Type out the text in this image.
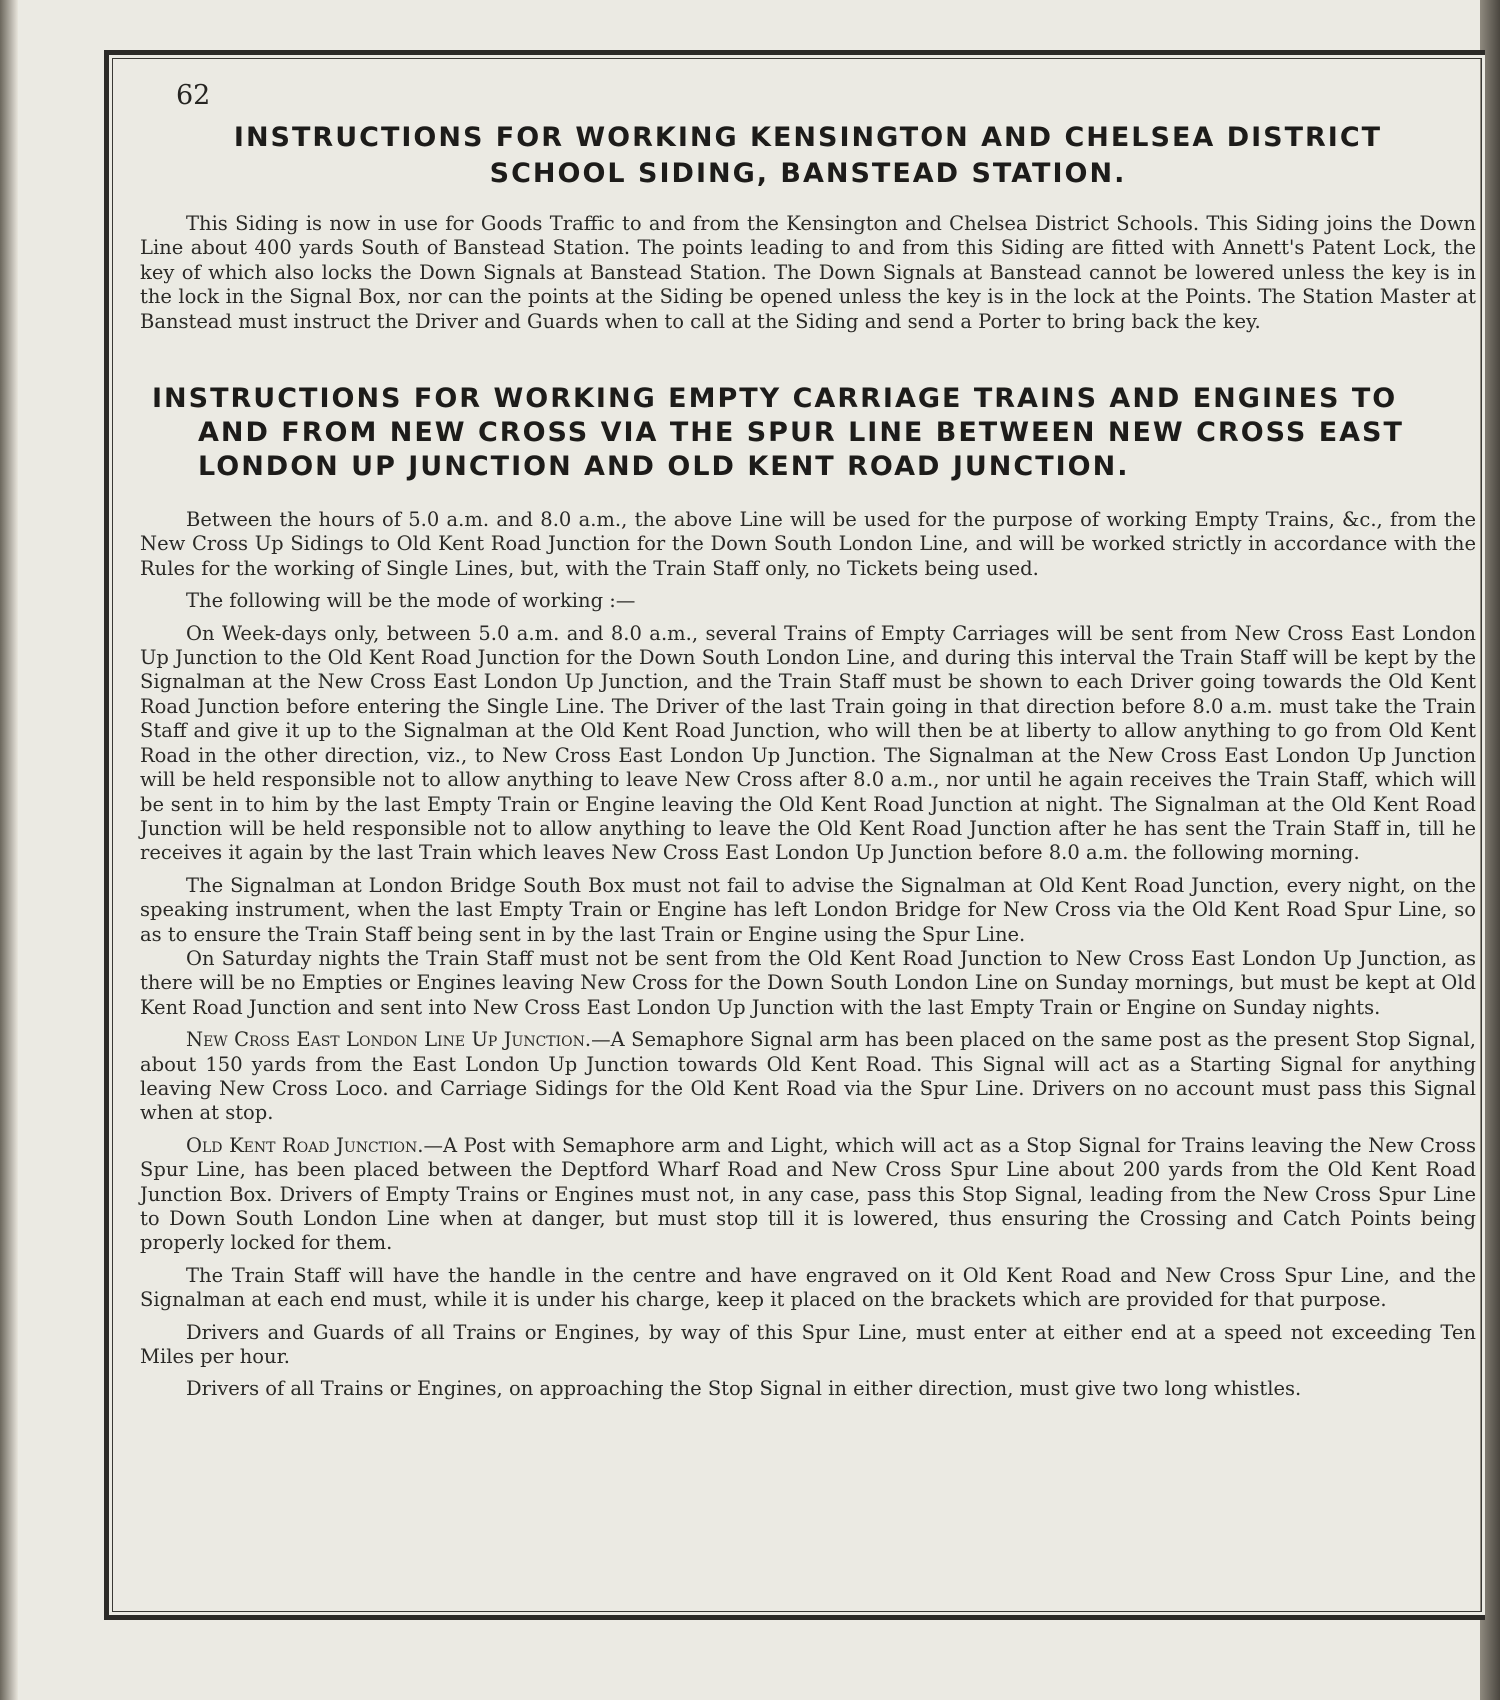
62
INSTRUCTIONS FOR WORKING KENSINGTON AND CHELSEA DISTRICT
SCHOOL SIDING, BANSTEAD STATION.

This Siding is now in use for Goods Traffic to and from the Kensington and Chelsea District Schools. This Siding joins the Down Line about 400 yards South of Banstead Station. The points leading to and from this Siding are fitted with Annett's Patent Lock, the key of which also locks the Down Signals at Banstead Station. The Down Signals at Banstead cannot be lowered unless the key is in the lock in the Signal Box, nor can the points at the Siding be opened unless the key is in the lock at the Points. The Station Master at Banstead must instruct the Driver and Guards when to call at the Siding and send a Porter to bring back the key.

INSTRUCTIONS FOR WORKING EMPTY CARRIAGE TRAINS AND ENGINES TO
AND FROM NEW CROSS VIA THE SPUR LINE BETWEEN NEW CROSS EAST
LONDON UP JUNCTION AND OLD KENT ROAD JUNCTION.

Between the hours of 5.0 a.m. and 8.0 a.m., the above Line will be used for the purpose of working Empty Trains, &c., from the New Cross Up Sidings to Old Kent Road Junction for the Down South London Line, and will be worked strictly in accordance with the Rules for the working of Single Lines, but, with the Train Staff only, no Tickets being used.

The following will be the mode of working :—

On Week-days only, between 5.0 a.m. and 8.0 a.m., several Trains of Empty Carriages will be sent from New Cross East London Up Junction to the Old Kent Road Junction for the Down South London Line, and during this interval the Train Staff will be kept by the Signalman at the New Cross East London Up Junction, and the Train Staff must be shown to each Driver going towards the Old Kent Road Junction before entering the Single Line. The Driver of the last Train going in that direction before 8.0 a.m. must take the Train Staff and give it up to the Signalman at the Old Kent Road Junction, who will then be at liberty to allow anything to go from Old Kent Road in the other direction, viz., to New Cross East London Up Junction. The Signalman at the New Cross East London Up Junction will be held responsible not to allow anything to leave New Cross after 8.0 a.m., nor until he again receives the Train Staff, which will be sent in to him by the last Empty Train or Engine leaving the Old Kent Road Junction at night. The Signalman at the Old Kent Road Junction will be held responsible not to allow anything to leave the Old Kent Road Junction after he has sent the Train Staff in, till he receives it again by the last Train which leaves New Cross East London Up Junction before 8.0 a.m. the following morning.

The Signalman at London Bridge South Box must not fail to advise the Signalman at Old Kent Road Junction, every night, on the speaking instrument, when the last Empty Train or Engine has left London Bridge for New Cross via the Old Kent Road Spur Line, so as to ensure the Train Staff being sent in by the last Train or Engine using the Spur Line.

On Saturday nights the Train Staff must not be sent from the Old Kent Road Junction to New Cross East London Up Junction, as there will be no Empties or Engines leaving New Cross for the Down South London Line on Sunday mornings, but must be kept at Old Kent Road Junction and sent into New Cross East London Up Junction with the last Empty Train or Engine on Sunday nights.

New Cross East London Line Up Junction.—A Semaphore Signal arm has been placed on the same post as the present Stop Signal, about 150 yards from the East London Up Junction towards Old Kent Road. This Signal will act as a Starting Signal for anything leaving New Cross Loco. and Carriage Sidings for the Old Kent Road via the Spur Line. Drivers on no account must pass this Signal when at stop.

Old Kent Road Junction.—A Post with Semaphore arm and Light, which will act as a Stop Signal for Trains leaving the New Cross Spur Line, has been placed between the Deptford Wharf Road and New Cross Spur Line about 200 yards from the Old Kent Road Junction Box. Drivers of Empty Trains or Engines must not, in any case, pass this Stop Signal, leading from the New Cross Spur Line to Down South London Line when at danger, but must stop till it is lowered, thus ensuring the Crossing and Catch Points being properly locked for them.

The Train Staff will have the handle in the centre and have engraved on it Old Kent Road and New Cross Spur Line, and the Signalman at each end must, while it is under his charge, keep it placed on the brackets which are provided for that purpose.

Drivers and Guards of all Trains or Engines, by way of this Spur Line, must enter at either end at a speed not exceeding Ten Miles per hour.

Drivers of all Trains or Engines, on approaching the Stop Signal in either direction, must give two long whistles.
